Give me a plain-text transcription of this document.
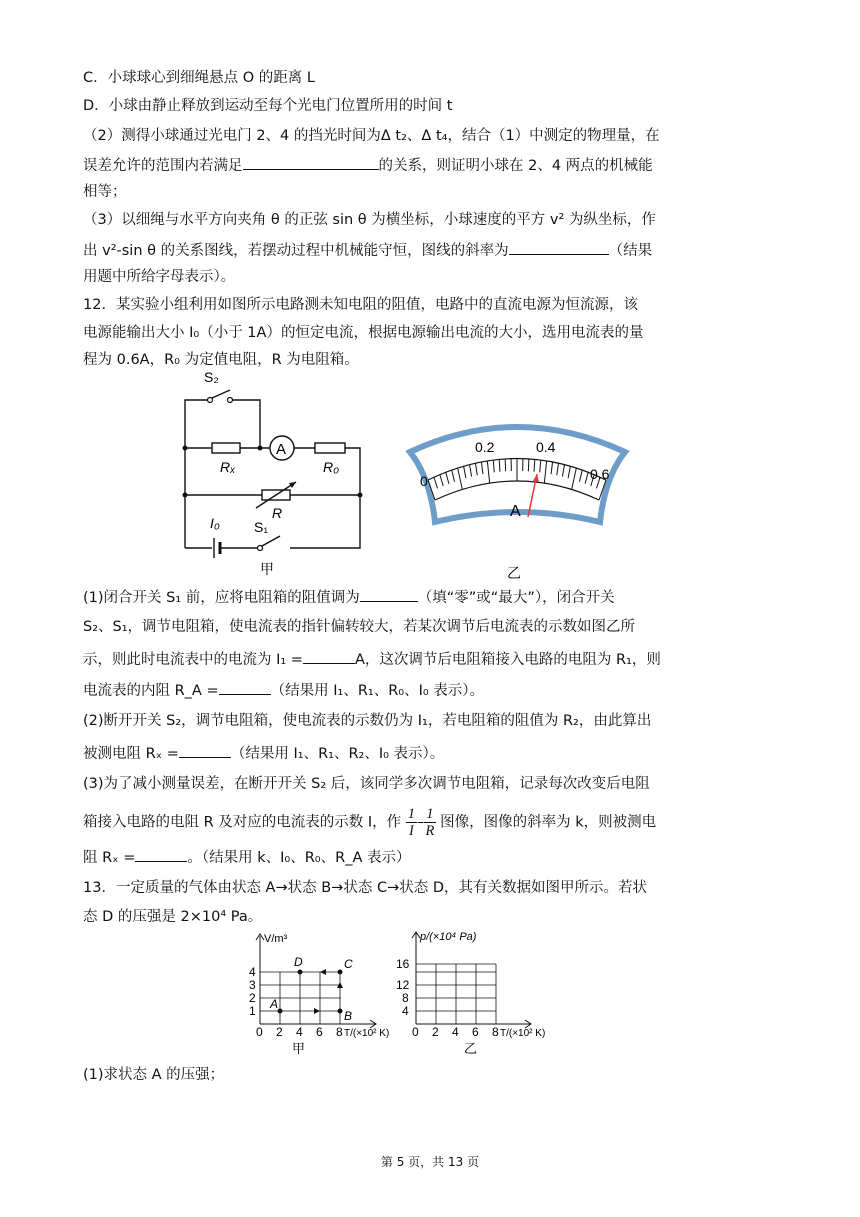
C．小球球心到细绳悬点 O 的距离 L
D．小球由静止释放到运动至每个光电门位置所用的时间 t
（2）测得小球通过光电门 2、4 的挡光时间为Δ t₂、Δ t₄，结合（1）中测定的物理量，在
误差允许的范围内若满足	的关系，则证明小球在 2、4 两点的机械能
相等；
（3）以细绳与水平方向夹角 θ 的正弦 sin θ 为横坐标，小球速度的平方 v² 为纵坐标，作
出 v²-sin θ 的关系图线，若摆动过程中机械能守恒，图线的斜率为	（结果
用题中所给字母表示）。
12．某实验小组利用如图所示电路测未知电阻的阻值，电路中的直流电源为恒流源，该
电源能输出大小 I₀（小于 1A）的恒定电流，根据电源输出电流的大小，选用电流表的量
程为 0.6A，R₀ 为定值电阻，R 为电阻箱。
S₂
A
Rₓ	R₀
R
I₀ S₁
甲
0
0.2	0.4
0.6
A
乙
(1)闭合开关 S₁ 前，应将电阻箱的阻值调为	（填“零”或“最大”），闭合开关
S₂、S₁，调节电阻箱，使电流表的指针偏转较大，若某次调节后电流表的示数如图乙所
示，则此时电流表中的电流为 I₁ =	A，这次调节后电阻箱接入电路的电阻为 R₁，则
电流表的内阻 R_A =	（结果用 I₁、R₁、R₀、I₀ 表示）。
(2)断开开关 S₂，调节电阻箱，使电流表的示数仍为 I₁，若电阻箱的阻值为 R₂，由此算出
被测电阻 Rₓ =	（结果用 I₁、R₁、R₂、I₀ 表示）。
(3)为了减小测量误差，在断开开关 S₂ 后，该同学多次调节电阻箱，记录每次改变后电阻
箱接入电路的电阻 R 及对应的电流表的示数 I，作 $\frac{1}{I} - \frac{1}{R}$ 图像，图像的斜率为 k，则被测电
阻 Rₓ =	。（结果用 k、I₀、R₀、R_A 表示）
13．一定质量的气体由状态 A→状态 B→状态 C→状态 D，其有关数据如图甲所示。若状
态 D 的压强是 2×10⁴ Pa。
V/m³
1
2
3
4
0 2 4 6 8 T/(×10² K)
A
B
C
D
甲
p/(×10⁴ Pa)
4
8
12
16
0 2 4 6 8 T/(×10² K)
乙
(1)求状态 A 的压强；
第 5 页，共 13 页
